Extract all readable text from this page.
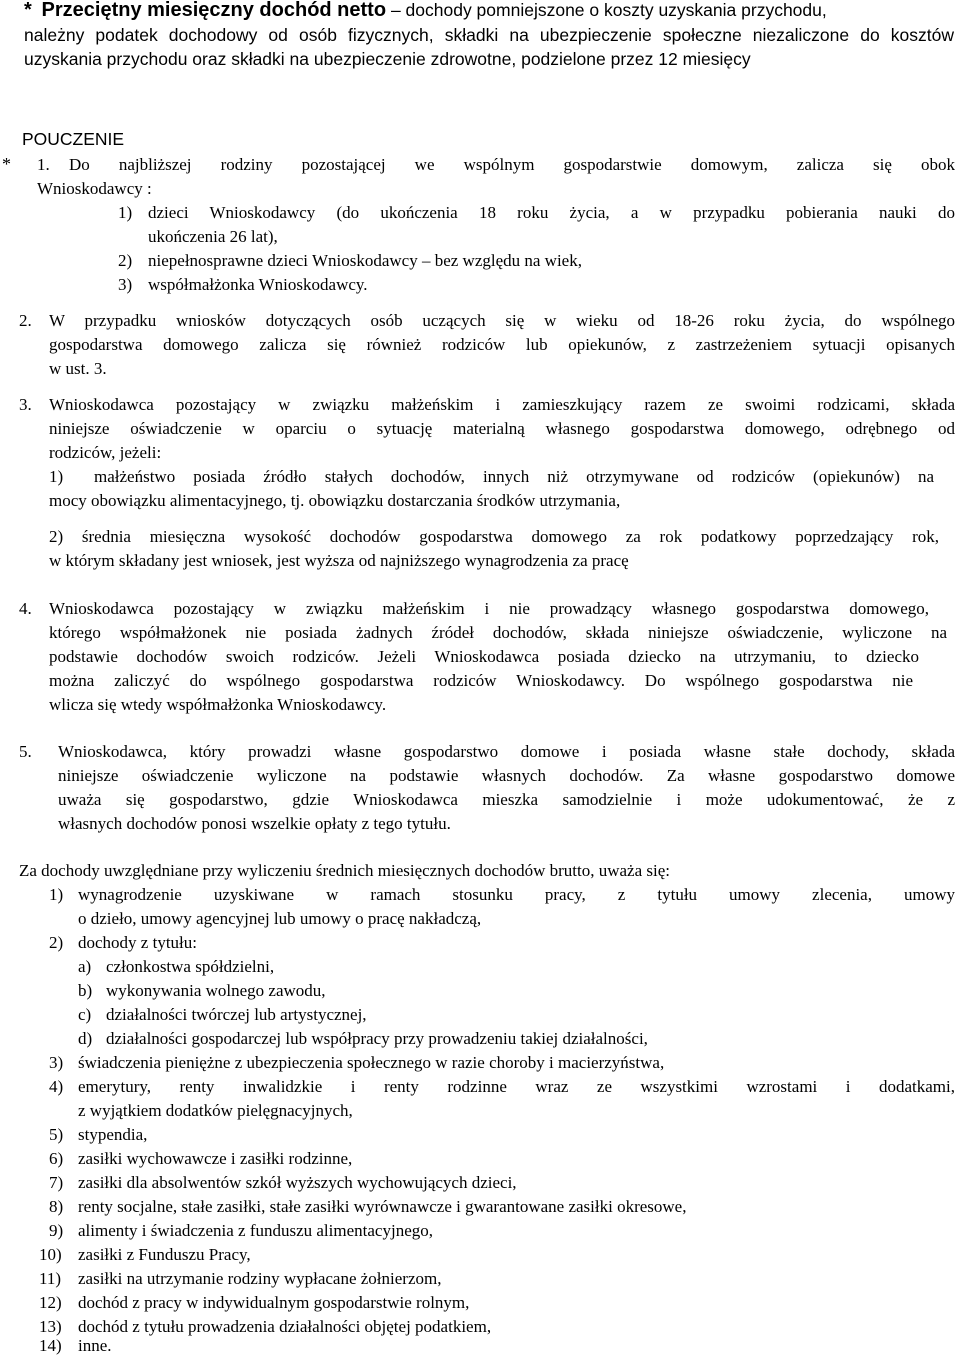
* Przeciętny miesięczny dochód netto – dochody pomniejszone o koszty uzyskania przychodu,
należny podatek dochodowy od osób fizycznych, składki na ubezpieczenie społeczne niezaliczone do kosztów
uzyskania przychodu oraz składki na ubezpieczenie zdrowotne, podzielone przez 12 miesięcy
POUCZENIE
* 1. Do najbliższej rodziny pozostającej we wspólnym gospodarstwie domowym, zalicza się obok
Wnioskodawcy :
1) dzieci Wnioskodawcy (do ukończenia 18 roku życia, a w przypadku pobierania nauki do
ukończenia 26 lat),
2) niepełnosprawne dzieci Wnioskodawcy – bez względu na wiek,
3) współmałżonka Wnioskodawcy.
2. W przypadku wniosków dotyczących osób uczących się w wieku od 18-26 roku życia, do wspólnego
gospodarstwa domowego zalicza się również rodziców lub opiekunów, z zastrzeżeniem sytuacji opisanych
w ust. 3.
3. Wnioskodawca pozostający w związku małżeńskim i zamieszkujący razem ze swoimi rodzicami, składa
niniejsze oświadczenie w oparciu o sytuację materialną własnego gospodarstwa domowego, odrębnego od
rodziców, jeżeli:
1) małżeństwo posiada źródło stałych dochodów, innych niż otrzymywane od rodziców (opiekunów) na
mocy obowiązku alimentacyjnego, tj. obowiązku dostarczania środków utrzymania,
2) średnia miesięczna wysokość dochodów gospodarstwa domowego za rok podatkowy poprzedzający rok,
w którym składany jest wniosek, jest wyższa od najniższego wynagrodzenia za pracę
4. Wnioskodawca pozostający w związku małżeńskim i nie prowadzący własnego gospodarstwa domowego,
którego współmałżonek nie posiada żadnych źródeł dochodów, składa niniejsze oświadczenie, wyliczone na
podstawie dochodów swoich rodziców. Jeżeli Wnioskodawca posiada dziecko na utrzymaniu, to dziecko
można zaliczyć do wspólnego gospodarstwa rodziców Wnioskodawcy. Do wspólnego gospodarstwa nie
wlicza się wtedy współmałżonka Wnioskodawcy.
5. Wnioskodawca, który prowadzi własne gospodarstwo domowe i posiada własne stałe dochody, składa
niniejsze oświadczenie wyliczone na podstawie własnych dochodów. Za własne gospodarstwo domowe
uważa się gospodarstwo, gdzie Wnioskodawca mieszka samodzielnie i może udokumentować, że z
własnych dochodów ponosi wszelkie opłaty z tego tytułu.
Za dochody uwzględniane przy wyliczeniu średnich miesięcznych dochodów brutto, uważa się:
1) wynagrodzenie uzyskiwane w ramach stosunku pracy, z tytułu umowy zlecenia, umowy
o dzieło, umowy agencyjnej lub umowy o pracę nakładczą,
2) dochody z tytułu:
a) członkostwa spółdzielni,
b) wykonywania wolnego zawodu,
c) działalności twórczej lub artystycznej,
d) działalności gospodarczej lub współpracy przy prowadzeniu takiej działalności,
3) świadczenia pieniężne z ubezpieczenia społecznego w razie choroby i macierzyństwa,
4) emerytury, renty inwalidzkie i renty rodzinne wraz ze wszystkimi wzrostami i dodatkami,
z wyjątkiem dodatków pielęgnacyjnych,
5) stypendia,
6) zasiłki wychowawcze i zasiłki rodzinne,
7) zasiłki dla absolwentów szkół wyższych wychowujących dzieci,
8) renty socjalne, stałe zasiłki, stałe zasiłki wyrównawcze i gwarantowane zasiłki okresowe,
9) alimenty i świadczenia z funduszu alimentacyjnego,
10) zasiłki z Funduszu Pracy,
11) zasiłki na utrzymanie rodziny wypłacane żołnierzom,
12) dochód z pracy w indywidualnym gospodarstwie rolnym,
13) dochód z tytułu prowadzenia działalności objętej podatkiem,
14) inne.
